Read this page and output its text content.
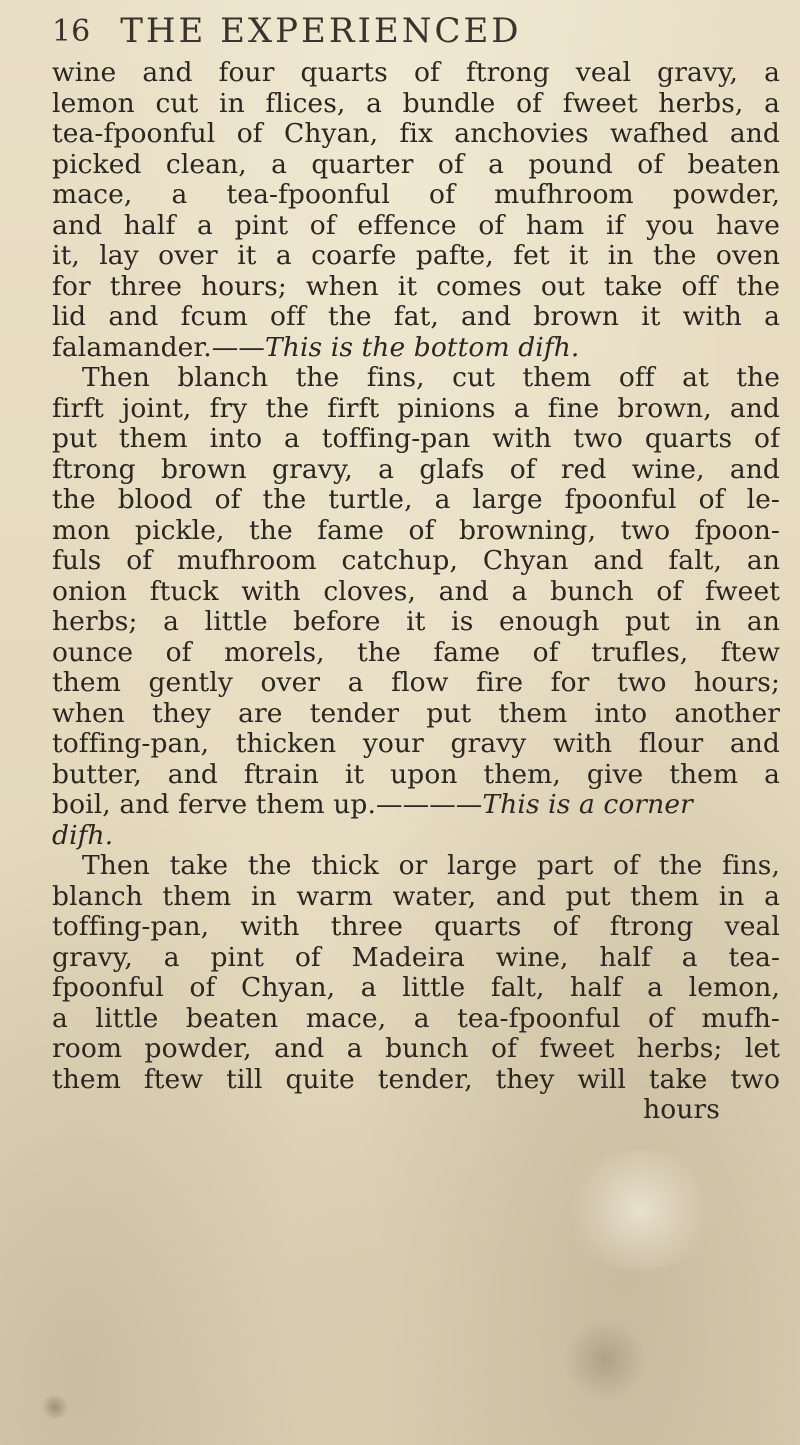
16 THE EXPERIENCED
wine and four quarts of ftrong veal gravy, a
lemon cut in flices, a bundle of fweet herbs, a
tea-fpoonful of Chyan, fix anchovies wafhed and
picked clean, a quarter of a pound of beaten
mace, a tea-fpoonful of mufhroom powder,
and half a pint of effence of ham if you have
it, lay over it a coarfe pafte, fet it in the oven
for three hours; when it comes out take off the
lid and fcum off the fat, and brown it with a
falamander.——This is the bottom difh.
Then blanch the fins, cut them off at the
firft joint, fry the firft pinions a fine brown, and
put them into a toffing-pan with two quarts of
ftrong brown gravy, a glafs of red wine, and
the blood of the turtle, a large fpoonful of le-
mon pickle, the fame of browning, two fpoon-
fuls of mufhroom catchup, Chyan and falt, an
onion ftuck with cloves, and a bunch of fweet
herbs; a little before it is enough put in an
ounce of morels, the fame of trufles, ftew
them gently over a flow fire for two hours;
when they are tender put them into another
toffing-pan, thicken your gravy with flour and
butter, and ftrain it upon them, give them a
boil, and ferve them up.————This is a corner
difh.
Then take the thick or large part of the fins,
blanch them in warm water, and put them in a
toffing-pan, with three quarts of ftrong veal
gravy, a pint of Madeira wine, half a tea-
fpoonful of Chyan, a little falt, half a lemon,
a little beaten mace, a tea-fpoonful of mufh-
room powder, and a bunch of fweet herbs; let
them ftew till quite tender, they will take two
hours
